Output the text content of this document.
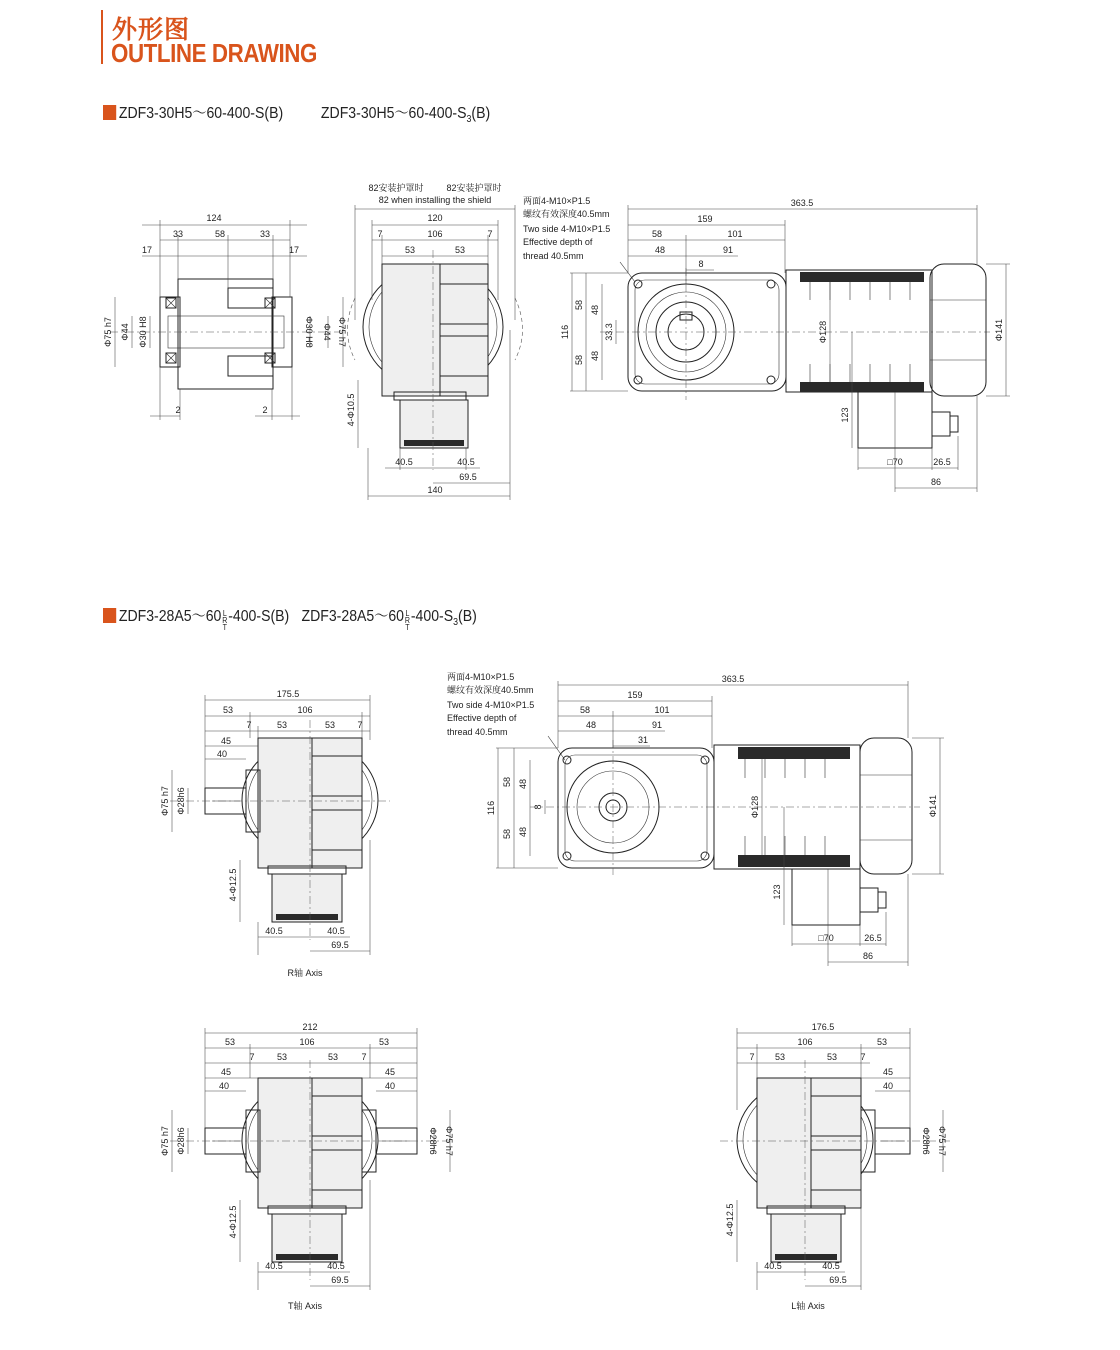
外形图
OUTLINE DRAWING
ZDF3-30H5～60-400-S(B) $ZDF3-30H5\sim 60-400-S_3(B)$
ZDF3-28A5～60 L
R
T
-400-S(B) ZDF3-28A5～60 L
R
T
$-400-S_3(B)$
124
33	58	33
17	17
2	2
Φ75 h7 Φ44 Φ30 H8	Φ30 H8 Φ44 Φ75 h7
82安装护罩时	82安装护罩时
82 when installing the shield
120
7	106	7
53	53
4-Φ10.5
40.5	40.5
69.5
140
两面4-M10×P1.5
螺纹有效深度40.5mm
Two side 4-M10×P1.5
Effective depth of
thread 40.5mm
363.5
159
58	101
48	91
8
116
58
58
48
48
33.3	Φ128	Φ141
123
□70	26.5
86
175.5
53	106
7	53	53 7
45
40
Φ75 h7 Φ28h6
4-Φ12.5
40.5	40.5
69.5
R轴 Axis
两面4-M10×P1.5
螺纹有效深度40.5mm
Two side 4-M10×P1.5
Effective depth of
thread 40.5mm
363.5
159
58	101
48	91
31
116
58
58
48
48
8	Φ128	Φ141
123
□70	26.5
86
212
53	106	53
7 53	53	7
45	45
40	40
Φ75 h7 Φ28h6	Φ28h6 Φ75 h7
4-Φ12.5
40.5	40.5
69.5
T轴 Axis
176.5
106	53
7 53	53	7
45
40
Φ28h6 Φ75 h7
4-Φ12.5
40.5	40.5
69.5
L轴 Axis
